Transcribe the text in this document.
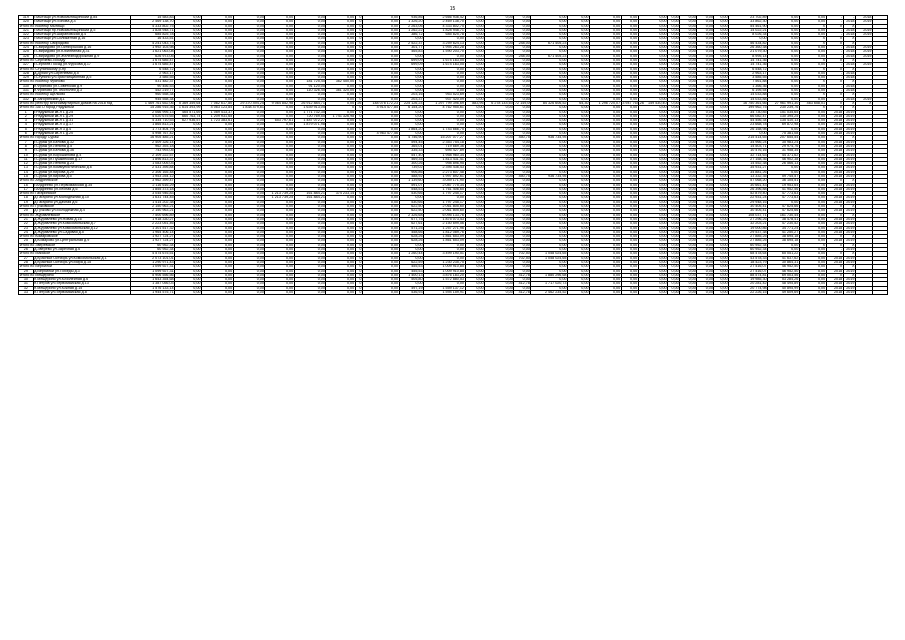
15
319	г.Мытищи ул.Новомытищинский д.84	15 583,83	0,00	0,00	0,00	0,00	0,00	0,00	0	0,00	936,86	2 666 936,42	0,00	0,00	0,00	0,00	0,00	0,00	0,00	0,00	0,00	0,00	0,00	0,00	23 702,89	0,00	0,00	-	-	2018	
320	г.Мытищи ул.Попова д.4	2 469 138,70	0,00	0,00	0,00	0,00	0,00	0,00	0	0,00	1 326,20	2 469 138,70	0,00	0,00	0,00	0,00	0,00	0,00	0,00	0,00	0,00	0,00	0,00	0,00	33 862,30	0,00	0,00	-	2018	2019	
Итого по поселку Мытищи		4 333 802,75	0,00	0,00	0,00	0,00	0,00	0,00	0	0,00	2 263,06	4 333 802,75	0,00	0,00	0,00	0,00	0,00	0,00	0,00	0,00	0,00	0,00	0,00	0,00	54 461,90	0,00	X	X	X		
321	г.Мытищи пр.Новомытищинский д.5	1 828 948,71	0,00	0,00	0,00	0,00	0,00	0,00	0	0,00	1 262,22	1 828 948,71	0,00	0,00	0,00	0,00	0,00	0,00	0,00	0,00	0,00	0,00	0,00	0,00	14 022,21	0,00	0,00	-	2018	2019	
322	г.Мытищи ул.Шараповская д.4	685 825,78	0,00	0,00	0,00	0,00	0,00	0,00	0	0,00	386,72	685 825,78	0,00	0,00	0,00	0,00	0,00	0,00	0,00	0,00	0,00	0,00	0,00	0,00	8 026,34	0,00	0,00	-	2018	2019	
323	г.Мытищи ул.Силикатная д.16	16 433,51	0,00	0,00	0,00	0,00	0,00	0,00	0	0,00	0,00	0,00	0,00	0,00	0,00	0,00	0,00	0,00	0,00	0,00	0,00	0,00	0,00	0,00	0,00	0,00	X	X	X		
Итого по поселку Свиридово		4 241 043,73	0,00	0,00	0,00	0,00	0,00	0,00	0	0,00	2 522,37	3 259 624,13	0,00	0,00	248,00	671 405,23	0,00	0,00	0,00	0,00	0,00	0,00	0,00	0,00	56 434,82	0,00	X	X	X		
324	г.Свиридово ул.Октябрьская д.16	1 992 103,98	0,00	0,00	0,00	0,00	0,00	0,00	0	0,00	301,77	1 994 263,28	0,00	0,00	0,00	0,00	0,00	0,00	0,00	0,00	0,00	0,00	0,00	0,00	26 360,38	0,00	0,00	-	2018	2019	
325	г.Свиридово ул.Юбилейная д.31	1 621 063,08	0,00	0,00	0,00	0,00	0,00	0,00	0	0,00	465,83	1 590 203,70	0,00	0,00	0,00	0,00	0,00	0,00	0,00	0,00	0,00	0,00	0,00	0,00	21 079,30	0,00	0,00	-	2018	2019	
326	г.Свиридово ул.Железнодорожная д.9	626 973,05	0,00	0,00	0,00	0,00	0,00	0,00	0	0,00	0,00	0,00	0,00	0,00	248,00	671 405,23	0,00	0,00	0,00	0,00	0,00	0,00	0,00	0,00	8 995,14	0,00	0,00	-	2018	2019	
Итого по Сергиево-Посаду		1 674 685,47	0,00	0,00	0,00	0,00	0,00	0,00	0	0,00	699,09	1 674 163,05	0,00	0,00	0,00	0,00	0,00	0,00	0,00	0,00	0,00	0,00	0,00	0,00	14 741,36	0,00	X	X	X		
327	г.Сергиев Посад ул.Фурсова д.17	1 674 685,47	0,00	0,00	0,00	0,00	0,00	0,00	0	0,00	699,09	1 674 163,05	0,00	0,00	0,00	0,00	0,00	0,00	0,00	0,00	0,00	0,00	0,00	0,00	14 741,36	0,00	0,00	-	2018	2019	
Итого по Ступинскому р-ну		6 548,72	0,00	0,00	0,00	0,00	0,00	0,00	0	0,00	0,00	0,00	0,00	0,00	0,00	0,00	0,00	0,00	0,00	0,00	0,00	0,00	0,00	0,00	6 548,72	0,00	X	X	X		
328	д.Дубки ул.Сиреневая д.5	2 963,17	0,00	0,00	0,00	0,00	0,00	0,00	0	0,00	0,00	0,00	0,00	0,00	0,00	0,00	0,00	0,00	0,00	0,00	0,00	0,00	0,00	0,00	2 963,17	0,00	0,00	-	2018		
329	г.Ступино ул.Пристанционная д.5	3 585,55	0,00	0,00	0,00	0,00	0,00	0,00	0	0,00	0,00	0,00	0,00	0,00	0,00	0,00	0,00	0,00	0,00	0,00	0,00	0,00	0,00	0,00	3 585,55	0,00	0,00	-	2018		
Итого по поселку Фряново		531 482,37	0,00	0,00	0,00	0,00	181 725,45	362 450,00	0	0,00	0,00	0,00	0,00	0,00	0,00	0,00	0,00	0,00	0,00	0,00	0,00	0,00	0,00	0,00	7 561,88	0,00	X	X	X		
330	п.Фряново ул.Советская д.9	90 456,53	0,00	0,00	0,00	0,00	91 120,00	0,00	0	0,00	0,00	0,00	0,00	0,00	0,00	0,00	0,00	0,00	0,00	0,00	0,00	0,00	0,00	0,00	1 366,36	0,00	0,00	-	2018		
331	п.Фряново ул.Текстилей д.3	452 219,77	0,00	0,00	0,00	0,00	110 326,45	361 320,00	0	0,00	0,00	0,00	0,00	0,00	0,00	0,00	0,00	0,00	0,00	0,00	0,00	0,00	0,00	0,00	6 195,54	0,00	0,00	-	2018		
Итого по поселку Щёлково		960 558,34	0,00	0,00	0,00	0,00	0,00	0,00	0	0,00	203,16	953 523,69	0,00	0,00	0,00	0,00	0,00	0,00	0,00	0,00	0,00	0,00	0,00	0,00	14 033,88	0,00	X	X	X		
332	п.Загорянский д.1	945 558,34	0,00	0,00	0,00	0,00	0,00	0,00	0	0,00	203,37	937 420,09	0,00	0,00	0,00	0,00	0,00	0,00	0,00	0,00	0,00	0,00	0,00	0,00	14 033,88	0,00	0,00	-	2018	2019	
Итого по реестру многоквартирных домов на 2018 год		1 469 761 652,06	5 369 359,64	7 062 617,80	29 370 494,25	9 064 852,98	26 912 884,71	0,00	26	148 076 172,23	225 126,23	1 297 799 396,69	883,96	6 278 144,60	72 149,00	84 326 606,52	64,30	1 296 720,07	3 947 764,26	159 530,40	0,00	0,00	0,00	0,00	16 750 361,66	27 961 991,30	463 658,01	X	X	X	
Итого по ЗАТО город Радужный		15 286 915,36	1 614 393,99	4 063 123,84	1 838 479,81	0,00	1 639 913,05	0	0	4 914 477,85	6 154,20	4 762 955,61	0,00	0,00	0,00	0,00	0,00	0,00	0,00	0,00	0,00	0,00	0,00	0,00	199 962,75	230 239,76	X	X	X		
1	г.Радужный кв-л 1 д.25	2 066 995,13	465 571,69	1 089 413,37	0,00	0,00	1 771 732,35	0,00	0	0,00	0,00	0,00	0,00	0,00	0,00	0,00	0,00	0,00	0,00	0,00	0,00	0,00	0,00	0,00	34 730,85	151 035,65	0,00	2018	2019		
2	г.Радужный кв-л 1 д.29	4 020 675,65	660 763,74	1 209 931,65	0,00	0,00	720 769,50	1 741 326,98	0	0,00	0,00	0,00	0,00	0,00	0,00	0,00	0,00	0,00	0,00	0,00	0,00	0,00	0,00	0,00	66 082,47	130 395,25	0,00	2018	2019		
3	г.Радужный кв-л 1 д.31	4 334 710,53	627 936,57	1 723 383,61	0,00	653 797,61	1 487 072,27	0,00	0	0,00	0,00	0,00	0,00	0,00	0,00	0,00	0,00	0,00	0,00	0,00	0,00	0,00	0,00	0,00	44 456,34	135 410,13	0,00	2018	2019		
4	г.Радужный кв-л 3 д.17	1 865 813,21	0,00	0,00	0,00	0,00	1 879 071,98	0,00	0	0,00	0,00	0,00	0,00	0,00	0,00	0,00	0,00	0,00	0,00	0,00	0,00	0,00	0,00	0,00	23 668,78	69 872,98	0,00	2018	2019		
5	г.Радужный кв-л 3 д.4	1 773 404,79	0,00	0,00	0,00	0,00	0,00	0,00	0	0,00	1 864,20	1 743 666,75	0,00	0,00	0,00	0,00	0,00	0,00	0,00	0,00	0,00	0,00	0,00	0,00	26 158,98	0,00	0,00	2018	2019		
6	г.Радужный кв-л 1 д.20	4 998 767,42	0,00	0,00	0,00	0,00	0,00	0,00	0	4 963 477,56	0,00	0,00	0,00	0,00	0,00	0,00	0,00	0,00	0,00	0,00	0,00	0,00	0,00	0,00	0,00	75 381,08	0,00	2018	2019		
Итого по городу Сураж		16 905 485,21	0,00	0,00	0,00	0,00	0,00	0,00	0	0,00	4 746,90	15 207 077,27	0,00	0,00	450,75	936 734,95	0,00	0,00	0,00	0,00	0,00	0,00	0,00	0,00	215 414,65	207 655,54	0,00	X	X		
7	г.Сураж ул.Белова д.32	2 409 326,14	0,00	0,00	0,00	0,00	0,00	0,00	0	0,00	594,45	2 353 754,18	0,00	0,00	0,00	0,00	0,00	0,00	0,00	0,00	0,00	0,00	0,00	0,00	34 966,24	35 983,24	0,00	2018	2019		
8	г.Сураж ул.Ленина д.5	962 393,18	0,00	0,00	0,00	0,00	0,00	0,00	0	0,00	365,01	719 669,36	0,00	0,00	0,00	0,00	0,00	0,00	0,00	0,00	0,00	0,00	0,00	0,00	14 503,71	29 974,76	0,00	2018	2019		
9	г.Сураж ул.Белова д.36	743 993,05	0,00	0,00	0,00	0,00	0,00	0,00	0	0,00	335,33	695 427,89	0,00	0,00	0,00	0,00	0,00	0,00	0,00	0,00	0,00	0,00	0,00	0,00	10 476,16	31 958,35	0,00	2018	2019		
10	г.Сураж ул.Ворошилова д.4	2 109 222,57	0,00	0,00	0,00	0,00	0,00	0,00	0	0,00	547,40	1 958 960,34	0,00	0,00	0,00	0,00	0,00	0,00	0,00	0,00	0,00	0,00	0,00	0,00	32 714,63	44 371,62	0,00	2018	2019		
11	г.Сураж ул.Пушкинская д.17	1 896 813,37	0,00	0,00	0,00	0,00	0,00	0,00	0	0,00	469,35	1 813 431,41	0,00	0,00	0,00	0,00	0,00	0,00	0,00	0,00	0,00	0,00	0,00	0,00	27 158,36	46 902,38	0,00	2018	2019		
12	г.Сураж ул.Ленина д.23	1 083 005,03	0,00	0,00	0,00	0,00	0,00	0,00	0	0,00	300,26	998 896,95	0,00	0,00	0,00	0,00	0,00	0,00	0,00	0,00	0,00	0,00	0,00	0,00	14 552,38	26 566,13	0,00	2018	2019		
13	г.Сураж ул.Коммунистическая д.6	2 431 395,84	0,00	0,00	0,00	0,00	0,00	0,00	0	0,00	739,02	2 395 436,43	0,00	0,00	0,00	0,00	0,00	0,00	0,00	0,00	0,00	0,00	0,00	0,00	35 931,27	0,00	0,00	2018	2019		
14	г.Сураж ул.Кирова д.29	2 306 165,48	0,00	0,00	0,00	0,00	0,00	0,00	0	0,00	906,86	2 273 607,48	0,00	0,00	0,00	0,00	0,00	0,00	0,00	0,00	0,00	0,00	0,00	0,00	34 881,26	0,00	0,00	2018	2019		
15	г.Сураж ул.Кирова д.5	1 953 254,12	0,00	0,00	0,00	0,00	0,00	0,00	0	0,00	488,92	1 997 892,61	0,00	0,00	450,75	936 734,95	0,00	0,00	0,00	0,00	0,00	0,00	0,00	0,00	13 332,35	59 745,57	0,00	2018	2019		
Итого по Андреевское		3 962 399,47	0,00	0,00	0,00	0,00	0,00	0,00	0	0,00	1 139,60	3 049 171,90	0,00	0,00	0,00	0,00	0,00	0,00	0,00	0,00	0,00	0,00	0,00	0,00	57 068,20	36 105,51	0,00	X	X		
16	г.Андреево ул.Первомайская д.35	2 116 616,29	0,00	0,00	0,00	0,00	0,00	0,00	0	0,00	591,07	2 087 775,34	0,00	0,00	0,00	0,00	0,00	0,00	0,00	0,00	0,00	0,00	0,00	0,00	30 661,43	19 953,64	0,00	2018	2019		
17	г.Андреево ул.Лесная д.6	1 855 373,18	0,00	0,00	0,00	0,00	0,00	0,00	0	0,00	548,53	1 761 406,65	0,00	0,00	0,00	0,00	0,00	0,00	0,00	0,00	0,00	0,00	0,00	0,00	26 396,88	41 952,56	0,00	2018	2019		
Итого по Гагаринское		3 045 946,83	0,00	0,00	0,00	1 213 739,25	161 884,21	374 233,14	0	0,00	530,66	1 797 245,17	0,00	0,00	0,00	0,00	0,00	0,00	0,00	0,00	0,00	0,00	0,00	0,00	52 879,40	47 773,63	0,00	X	X		
18	д.Гагарино ул.Молодежная д.10	1 631 744,45	0,00	0,00	0,00	1 213 739,25	161 884,21	0,00	0	0,00	0,00	0,00	0,00	0,00	0,00	0,00	0,00	0,00	0,00	0,00	0,00	0,00	0,00	0,00	22 931,24	47 773,63	0,00	2018	2019		
19	д.Гагарино ул.Дачная д.6	1 414 202,38	0,00	0,00	0,00	0,00	0,00	0,00	0	0,00	530,66	1 797 245,17	0,00	0,00	0,00	0,00	0,00	0,00	0,00	0,00	0,00	0,00	0,00	0,00	29 948,16	0,00	0,00	2018	2019		
Итого по Гучковское		2 150 963,21	0,00	0,00	0,00	0,00	0,00	0,00	0	0,00	622,50	2 061 805,60	0,00	0,00	0,00	0,00	0,00	0,00	0,00	0,00	0,00	0,00	0,00	0,00	30 405,41	47 625,66	0,00	X	X		
20	д.Гучково ул.Молодежная д.4	2 150 963,21	0,00	0,00	0,00	0,00	0,00	0,00	0	0,00	622,50	2 061 805,60	0,00	0,00	0,00	0,00	0,00	0,00	0,00	0,00	0,00	0,00	0,00	0,00	30 405,41	47 625,66	0,00	2018	2019		
Итого по Журавлевское		7 500 696,89	0,00	0,00	0,00	0,00	0,00	0,00	0	0,00	2 326,68	6 095 133,76	0,00	0,00	0,00	0,00	0,00	0,00	0,00	0,00	0,00	0,00	0,00	0,00	108 037,71	161 730,44	0,00	X	X		
21	д.Журавлево ул.Новая д.16	1 918 330,27	0,00	0,00	0,00	0,00	0,00	0,00	0	0,00	677,75	1 875 073,43	0,00	0,00	0,00	0,00	0,00	0,00	0,00	0,00	0,00	0,00	0,00	0,00	27 296,26	38 478,41	0,00	2018	2019		
22	д.Журавлево ул.Комсомольская д.7	2 223 051,46	0,00	0,00	0,00	0,00	0,00	0,00	0	0,00	627,61	2 150 699,56	0,00	0,00	0,00	0,00	0,00	0,00	0,00	0,00	0,00	0,00	0,00	0,00	32 203,21	47 230,52	0,00	2018	2019		
23	д.Журавлево ул.Комсомольская д.12	1 301 517,32	0,00	0,00	0,00	0,00	0,00	0,00	0	0,00	571,25	1 257 271,96	0,00	0,00	0,00	0,00	0,00	0,00	0,00	0,00	0,00	0,00	0,00	0,00	19 000,86	34 771,24	0,00	2018	2019		
24	д.Журавлево ул.Садовая д.5	1 964 406,14	0,00	0,00	0,00	0,00	0,00	0,00	0	0,00	458,66	1 812 089,76	0,00	0,00	0,00	0,00	0,00	0,00	0,00	0,00	0,00	0,00	0,00	0,00	29 537,38	41 250,27	0,00	2018	2019		
Итого по Комаровское		1 927 724,27	0,00	0,00	0,00	0,00	0,00	0,00	0	0,00	628,26	1 861 653,09	0,00	0,00	0,00	0,00	0,00	0,00	0,00	0,00	0,00	0,00	0,00	0,00	27 885,25	38 695,18	0,00	X	X		
25	д.Комарово ул.Центральная д.9	1 927 724,27	0,00	0,00	0,00	0,00	0,00	0,00	0	0,00	628,26	1 861 653,09	0,00	0,00	0,00	0,00	0,00	0,00	0,00	0,00	0,00	0,00	0,00	0,00	27 885,25	38 695,18	0,00	2018	2019		
Итого по Зверевское		60 952,34	0,00	0,00	0,00	0,00	0,00	0,00	0	0,00	0,00	0,00	0,00	0,00	0,00	0,00	0,00	0,00	0,00	0,00	0,00	0,00	0,00	0,00	60 952,34	0,00	X	X	X		
26	д.Зверево ул.Заречная д.6	60 952,34	0,00	0,00	0,00	0,00	0,00	0,00	0	0,00	0,00	0,00	0,00	0,00	0,00	0,00	0,00	0,00	0,00	0,00	0,00	0,00	0,00	0,00	60 952,34	0,00	0,00	-	2019		
Итого по Майское		4 574 675,51	0,00	0,00	0,00	0,00	0,00	0,00	0	0,00	1 260,44	3 499 190,51	0,00	0,00	702,50	1 058 024,65	0,00	0,00	0,00	0,00	0,00	0,00	0,00	0,00	68 478,64	65 051,22	0,00	X	X		
27	д.Красный Октябрь ул.Комсомольская д.1	2 073 101,01	0,00	0,00	0,00	0,00	0,00	0,00	0	0,00	0,00	0,00	0,00	0,00	702,50	1 058 024,65	0,00	0,00	0,00	0,00	0,00	0,00	0,00	0,00	43 578,33	41 637,62	0,00	2018	2019		
28	д.Красный Октябрь ул.Мира д.15	1 290 971,43	0,00	0,00	0,00	0,00	0,00	0,00	0	0,00	622,59	1 230 235,75	0,00	0,00	0,00	0,00	0,00	0,00	0,00	0,00	0,00	0,00	0,00	0,00	18 423,79	30 864,31	0,00	2018	2019		
Итого по Вербилки		1 099 927,31	0,00	0,00	0,00	0,00	0,00	0,00	0	0,00	455,53	1 009 910,85	0,00	0,00	0,00	0,00	0,00	0,00	0,00	0,00	0,00	0,00	0,00	0,00	27 416,07	46 952,50	0,00	X	X		
29	д.Вербилки ул.Победы д.3	1 099 927,31	0,00	0,00	0,00	0,00	0,00	0,00	0	0,00	455,53	1 009 910,85	0,00	0,00	0,00	0,00	0,00	0,00	0,00	0,00	0,00	0,00	0,00	0,00	27 416,07	46 952,50	0,00	2018	2019		
Итого по Мещерино		5 906 556,56	0,00	0,00	0,00	0,00	0,00	0,00	0	0,00	1 400,13	3 876 183,20	0,00	0,00	412,78	1 880 296,68	0,00	0,00	0,00	0,00	0,00	0,00	0,00	0,00	88 574,81	69 003,56	0,00	X	X		
30	п.Мещерино ул.Юбилейная д.6	1 643 354,68	0,00	0,00	0,00	0,00	0,00	0,00	0	0,00	505,80	1 572 880,53	0,00	0,00	0,00	0,00	0,00	0,00	0,00	0,00	0,00	0,00	0,00	0,00	19 985,30	53 284,26	0,00	2018	2019		
31	п.Петров ул.Первомайская д.13	1 387 056,03	0,00	0,00	0,00	0,00	0,00	0,00	0	0,00	0,00	0,00	0,00	0,00	412,78	1 717 020,73	0,00	0,00	0,00	0,00	0,00	0,00	0,00	0,00	20 281,42	48 495,89	0,00	2018	2019		
32	п.Мещерино ул.Южная д.15	1 576 133,14	0,00	0,00	0,00	0,00	0,00	0,00	0	0,00	497,19	1 559 137,12	0,00	0,00	0,00	0,00	0,00	0,00	0,00	0,00	0,00	0,00	0,00	0,00	20 774,98	40 895,99	0,00	2018	2019		
33	п.Петров ул.Первомайская д.8	1 944 575,71	0,00	0,00	0,00	0,00	0,00	0,00	0	0,00	536,93	1 594 159,91	0,00	0,00	412,78	2 462 234,52	0,00	0,00	0,00	0,00	0,00	0,00	0,00	0,00	22 226,15	49 609,69	0,00	2018	2019		
